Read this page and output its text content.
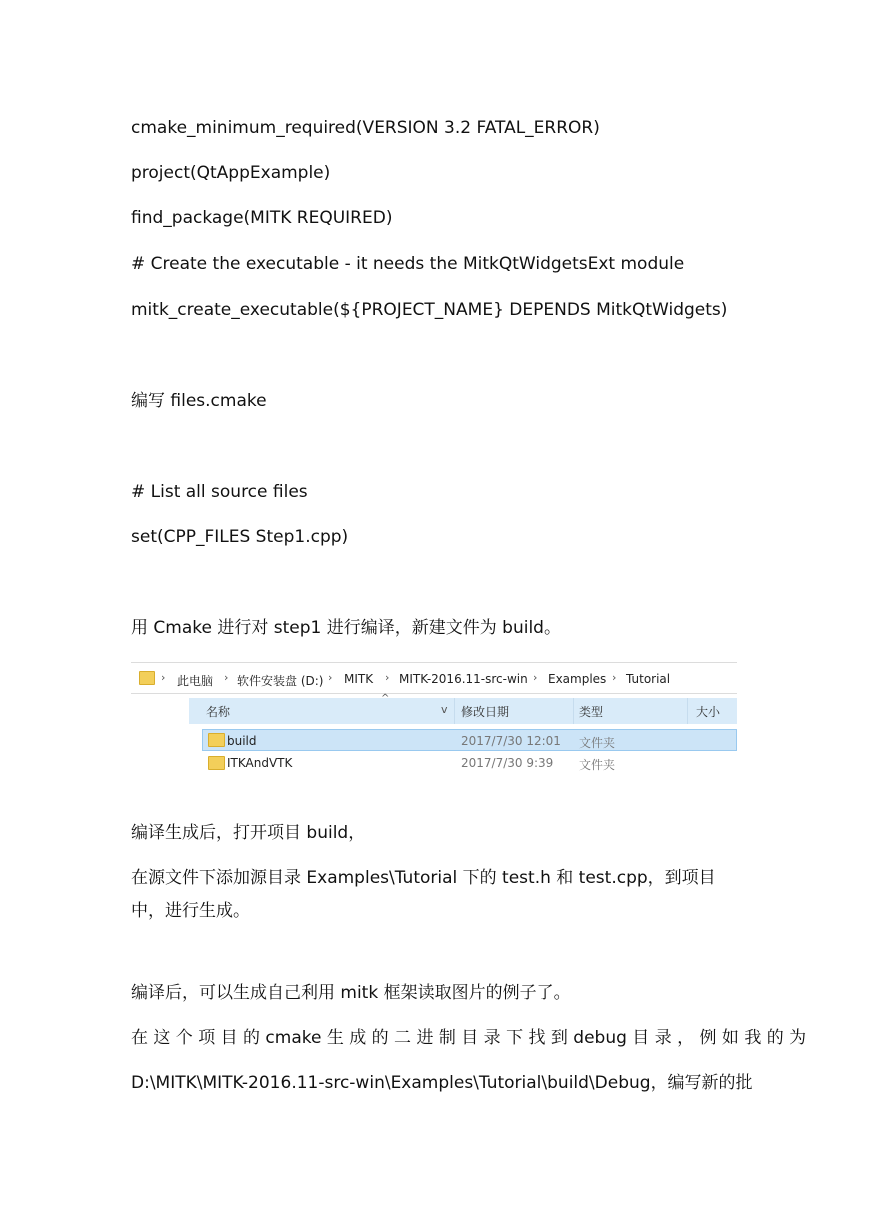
cmake_minimum_required(VERSION 3.2 FATAL_ERROR)
project(QtAppExample)
find_package(MITK REQUIRED)
# Create the executable - it needs the MitkQtWidgetsExt module
mitk_create_executable(${PROJECT_NAME} DEPENDS MitkQtWidgets)
编写 files.cmake
# List all source files
set(CPP_FILES Step1.cpp)
用 Cmake 进行对 step1 进行编译，新建文件为 build。
› 此电脑 › 软件安装盘 (D:) › MITK › MITK-2016.11-src-win › Examples › Tutorial
^
名称	v 修改日期	类型	大小
build	2017/7/30 12:01 文件夹
ITKAndVTK	2017/7/30 9:39 文件夹
编译生成后，打开项目 build，
在源文件下添加源目录 Examples\Tutorial 下的 test.h 和 test.cpp，到项目中，进行生成。
编译后，可以生成自己利用 mitk 框架读取图片的例子了。
在 这 个 项 目 的 cmake 生 成 的 二 进 制 目 录 下 找 到 debug 目 录 ， 例 如 我 的 为
D:\MITK\MITK-2016.11-src-win\Examples\Tutorial\build\Debug，编写新的批
